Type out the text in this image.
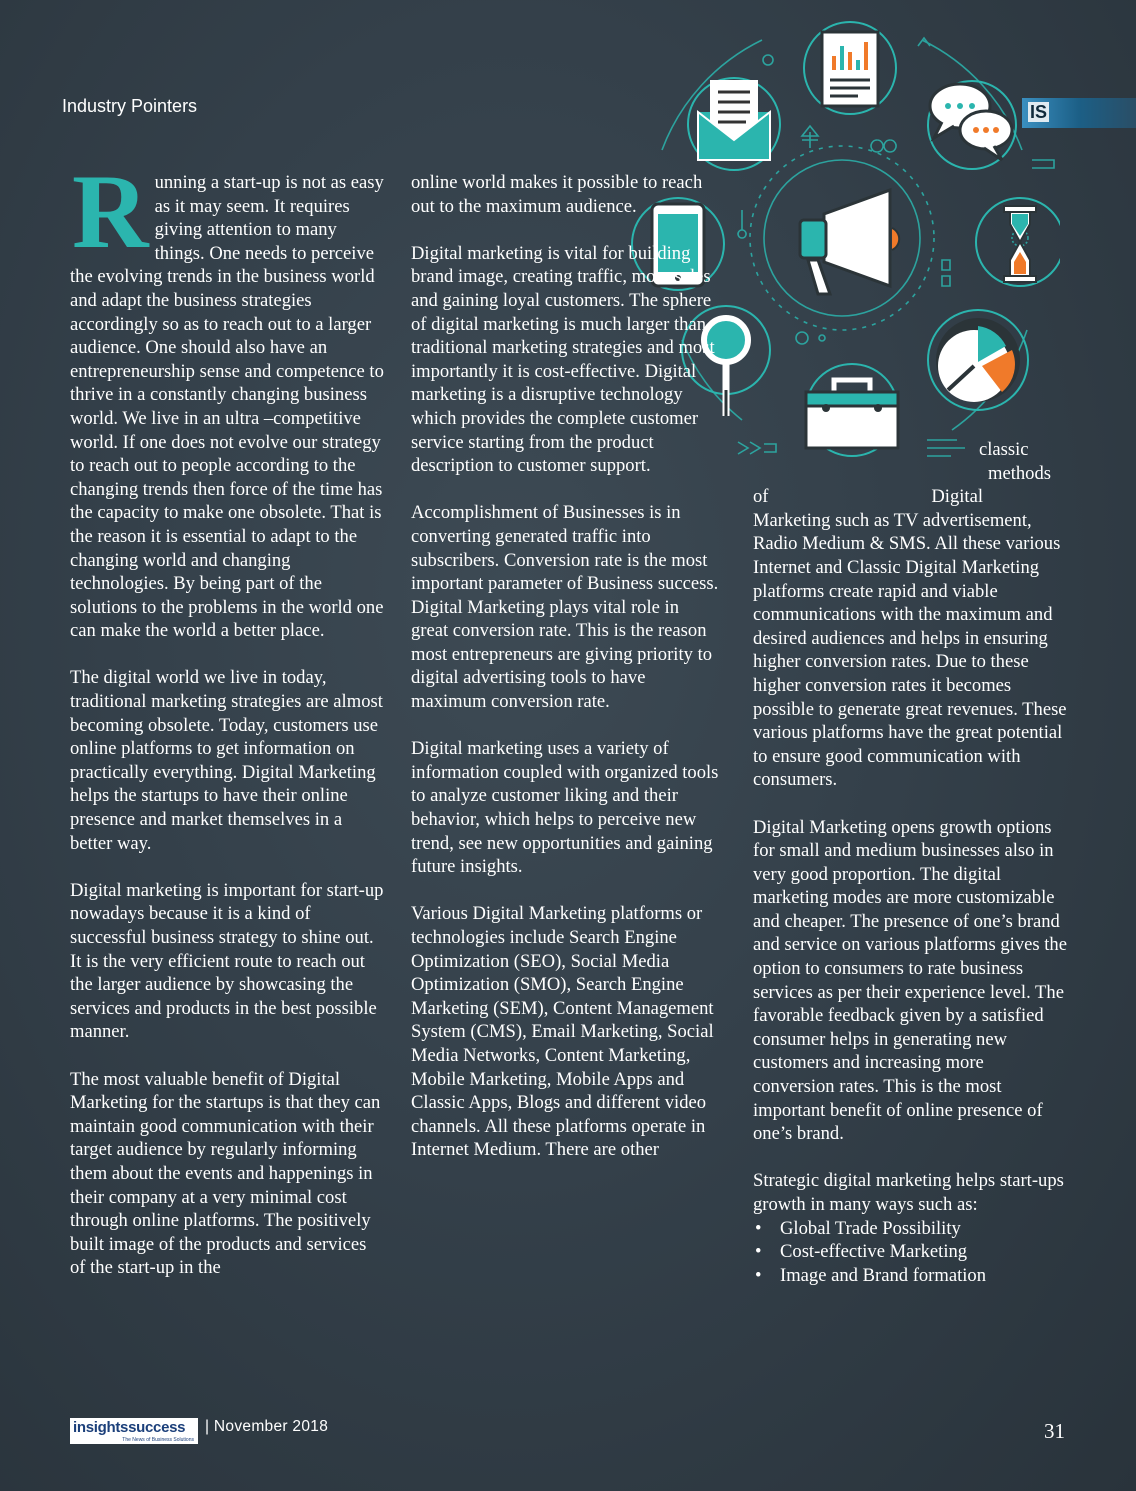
Industry Pointers	IS

Running a start-up is not as easy as it may seem. It requires giving attention to many things. One needs to perceive the evolving trends in the business world and adapt the business strategies accordingly so as to reach out to a larger audience. One should also have an entrepreneurship sense and competence to thrive in a constantly changing business world. We live in an ultra –competitive world. If one does not evolve our strategy to reach out to people according to the changing trends then force of the time has the capacity to make one obsolete. That is the reason it is essential to adapt to the changing world and changing technologies. By being part of the solutions to the problems in the world one can make the world a better place.

The digital world we live in today, traditional marketing strategies are almost becoming obsolete. Today, customers use online platforms to get information on practically everything. Digital Marketing helps the startups to have their online presence and market themselves in a better way.

Digital marketing is important for start-up nowadays because it is a kind of successful business strategy to shine out. It is the very efficient route to reach out the larger audience by showcasing the services and products in the best possible manner.

The most valuable benefit of Digital Marketing for the startups is that they can maintain good communication with their target audience by regularly informing them about the events and happenings in their company at a very minimal cost through online platforms. The positively built image of the products and services of the start-up in the

online world makes it possible to reach out to the maximum audience.

Digital marketing is vital for building brand image, creating traffic, more sales and gaining loyal customers. The sphere of digital marketing is much larger than traditional marketing strategies and most importantly it is cost-effective. Digital marketing is a disruptive technology which provides the complete customer service starting from the product description to customer support.

Accomplishment of Businesses is in converting generated traffic into subscribers. Conversion rate is the most important parameter of Business success. Digital Marketing plays vital role in great conversion rate. This is the reason most entrepreneurs are giving priority to digital advertising tools to have maximum conversion rate.

Digital marketing uses a variety of information coupled with organized tools to analyze customer liking and their behavior, which helps to perceive new trend, see new opportunities and gaining future insights.

Various Digital Marketing platforms or technologies include Search Engine Optimization (SEO), Social Media Optimization (SMO), Search Engine Marketing (SEM), Content Management System (CMS), Email Marketing, Social Media Networks, Content Marketing, Mobile Marketing, Mobile Apps and Classic Apps, Blogs and different video channels. All these platforms operate in Internet Medium. There are other

classic

methods

of	Digital

Marketing such as TV advertisement, Radio Medium & SMS. All these various Internet and Classic Digital Marketing platforms create rapid and viable communications with the maximum and desired audiences and helps in ensuring higher conversion rates. Due to these higher conversion rates it becomes possible to generate great revenues. These various platforms have the great potential to ensure good communication with consumers.

Digital Marketing opens growth options for small and medium businesses also in very good proportion. The digital marketing modes are more customizable and cheaper. The presence of one’s brand and service on various platforms gives the option to consumers to rate business services as per their experience level. The favorable feedback given by a satisfied consumer helps in generating new customers and increasing more conversion rates. This is the most important benefit of online presence of one’s brand.

Strategic digital marketing helps start-ups growth in many ways such as:

• Global Trade Possibility
• Cost-effective Marketing
• Image and Brand formation
insightssuccess
The News of Business Solutions
| November 2018	31
